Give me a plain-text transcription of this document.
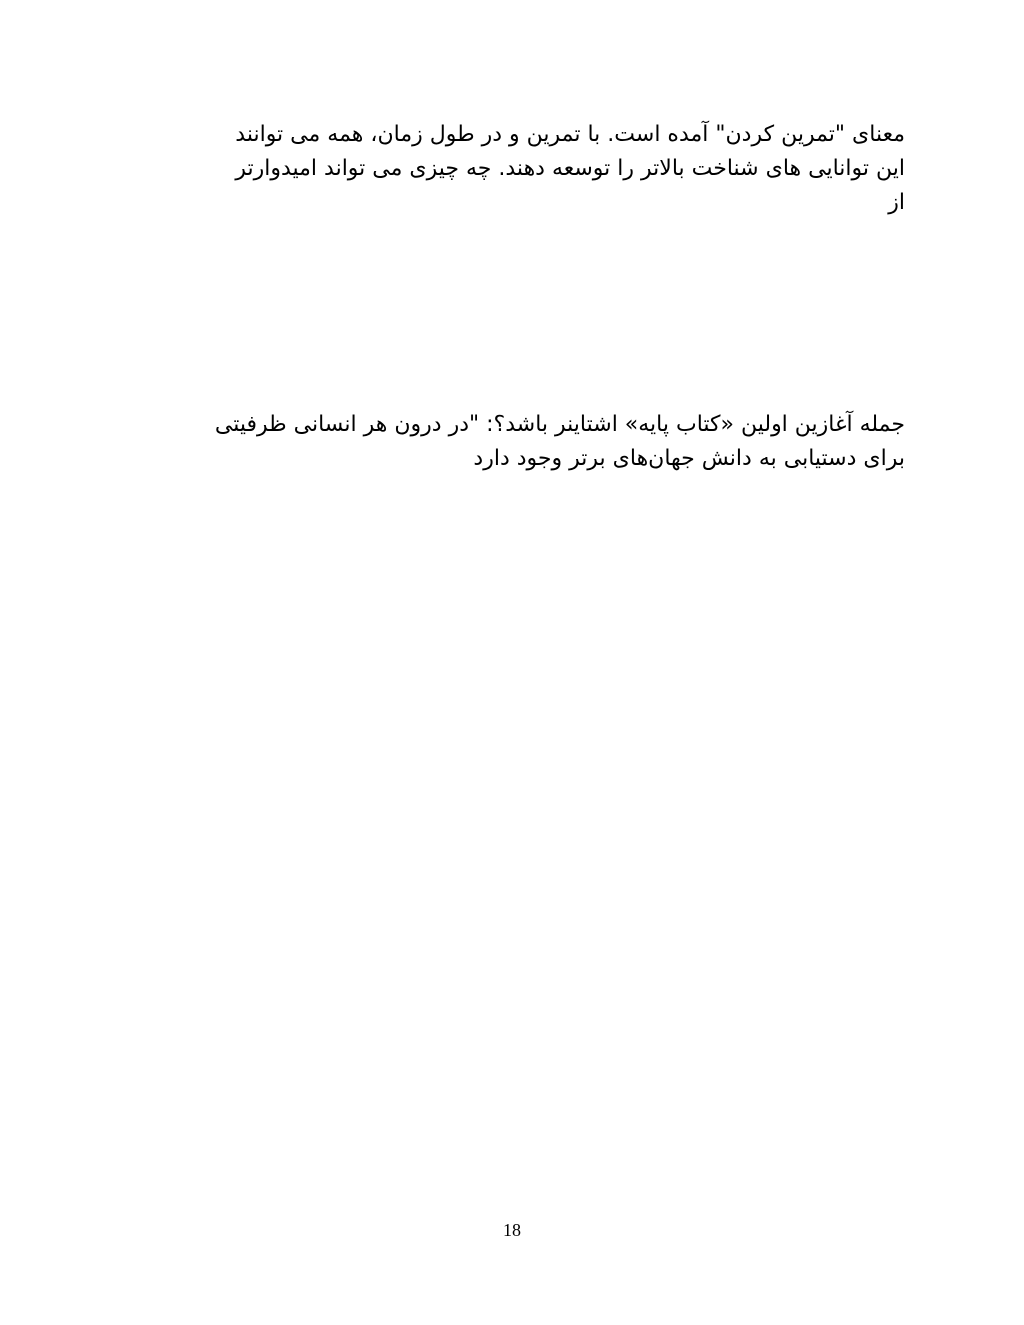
معنای "تمرین کردن" آمده است. با تمرین و در طول زمان، همه می توانند
این توانایی های شناخت بالاتر را توسعه دهند. چه چیزی می تواند امیدوارتر
از
جمله آغازین اولین «کتاب پایه» اشتاینر باشد؟: "در درون هر انسانی ظرفیتی
برای دستیابی به دانش جهان‌های برتر وجود دارد
18
